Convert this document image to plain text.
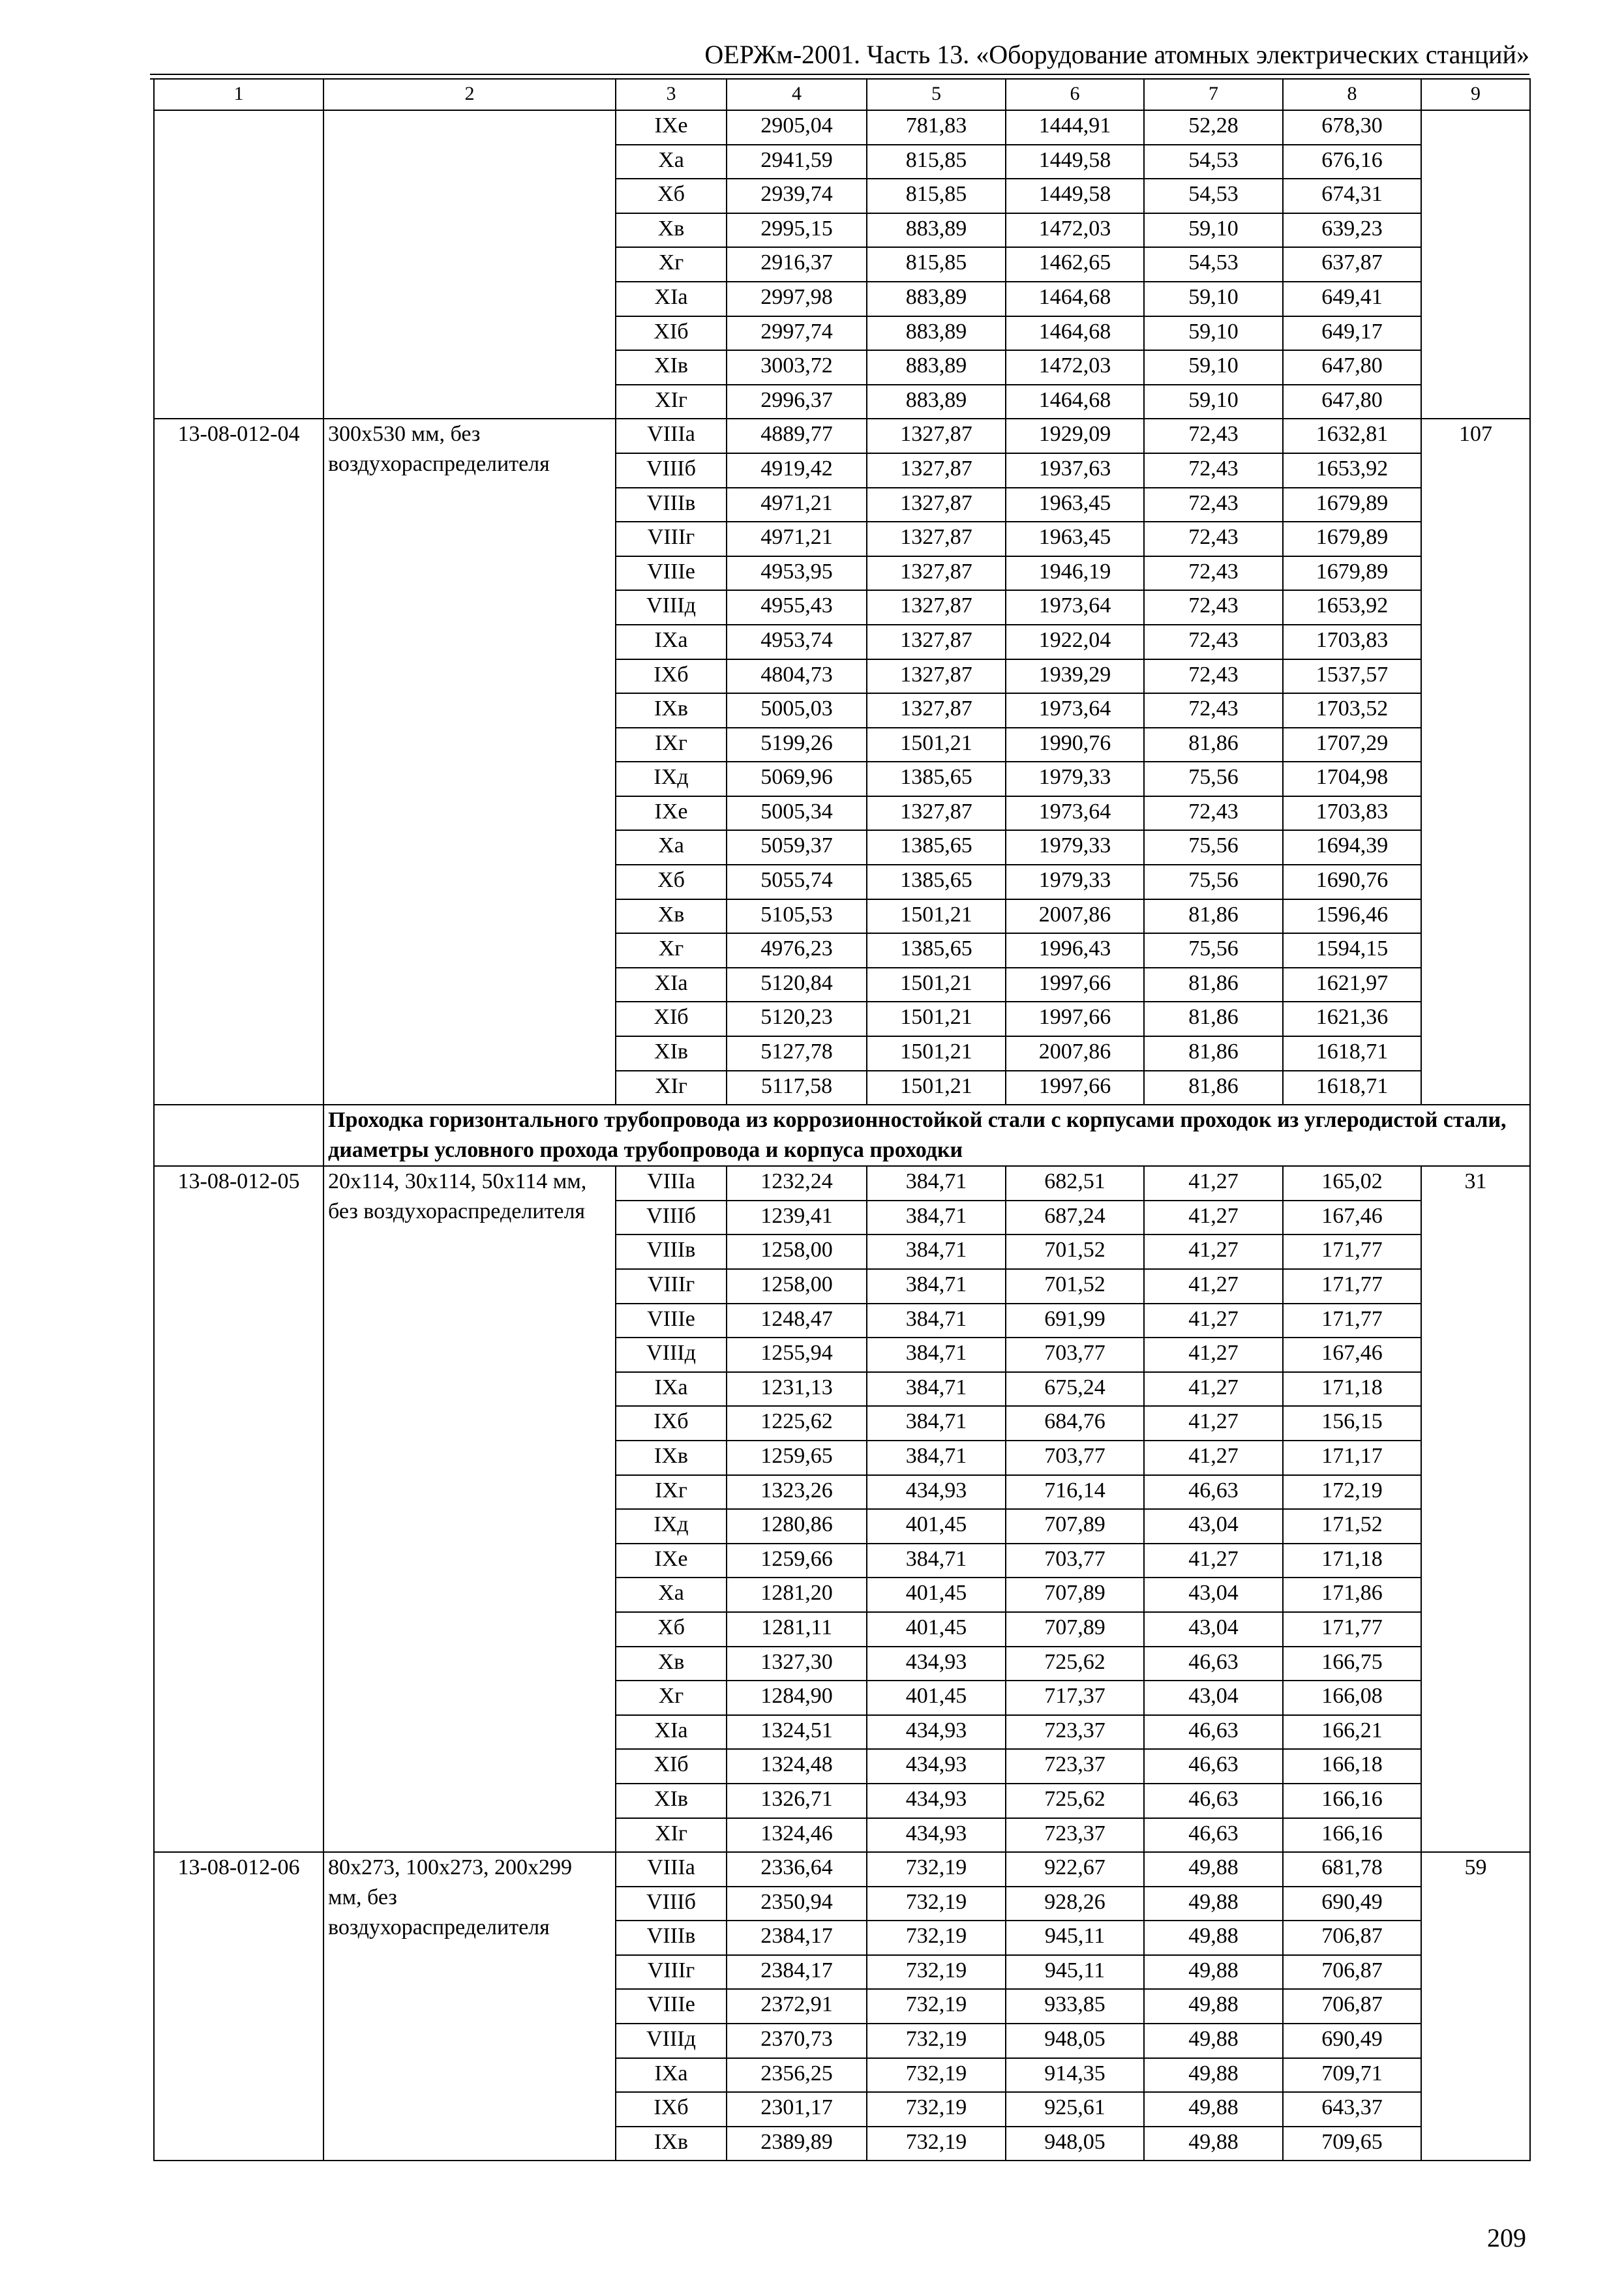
ОЕРЖм-2001. Часть 13. «Оборудование атомных электрических станций»
1	2	3	4	5	6	7	8	9
		IXе	2905,04	781,83	1444,91	52,28	678,30	
		Xа	2941,59	815,85	1449,58	54,53	676,16	
		Xб	2939,74	815,85	1449,58	54,53	674,31	
		Xв	2995,15	883,89	1472,03	59,10	639,23	
		Xг	2916,37	815,85	1462,65	54,53	637,87	
		XIа	2997,98	883,89	1464,68	59,10	649,41	
		XIб	2997,74	883,89	1464,68	59,10	649,17	
		XIв	3003,72	883,89	1472,03	59,10	647,80	
		XIг	2996,37	883,89	1464,68	59,10	647,80	
13-08-012-04	300x530 мм, без воздухораспределителя	VIIIа	4889,77	1327,87	1929,09	72,43	1632,81	107
		VIIIб	4919,42	1327,87	1937,63	72,43	1653,92	
		VIIIв	4971,21	1327,87	1963,45	72,43	1679,89	
		VIIIг	4971,21	1327,87	1963,45	72,43	1679,89	
		VIIIе	4953,95	1327,87	1946,19	72,43	1679,89	
		VIIIд	4955,43	1327,87	1973,64	72,43	1653,92	
		IXа	4953,74	1327,87	1922,04	72,43	1703,83	
		IXб	4804,73	1327,87	1939,29	72,43	1537,57	
		IXв	5005,03	1327,87	1973,64	72,43	1703,52	
		IXг	5199,26	1501,21	1990,76	81,86	1707,29	
		IXд	5069,96	1385,65	1979,33	75,56	1704,98	
		IXе	5005,34	1327,87	1973,64	72,43	1703,83	
		Xа	5059,37	1385,65	1979,33	75,56	1694,39	
		Xб	5055,74	1385,65	1979,33	75,56	1690,76	
		Xв	5105,53	1501,21	2007,86	81,86	1596,46	
		Xг	4976,23	1385,65	1996,43	75,56	1594,15	
		XIа	5120,84	1501,21	1997,66	81,86	1621,97	
		XIб	5120,23	1501,21	1997,66	81,86	1621,36	
		XIв	5127,78	1501,21	2007,86	81,86	1618,71	
		XIг	5117,58	1501,21	1997,66	81,86	1618,71	
	Проходка горизонтального трубопровода из коррозионностойкой стали с корпусами проходок из углеродистой стали, диаметры условного прохода трубопровода и корпуса проходки							
13-08-012-05	20x114, 30x114, 50x114 мм, без воздухораспределителя	VIIIа	1232,24	384,71	682,51	41,27	165,02	31
		VIIIб	1239,41	384,71	687,24	41,27	167,46	
		VIIIв	1258,00	384,71	701,52	41,27	171,77	
		VIIIг	1258,00	384,71	701,52	41,27	171,77	
		VIIIе	1248,47	384,71	691,99	41,27	171,77	
		VIIIд	1255,94	384,71	703,77	41,27	167,46	
		IXа	1231,13	384,71	675,24	41,27	171,18	
		IXб	1225,62	384,71	684,76	41,27	156,15	
		IXв	1259,65	384,71	703,77	41,27	171,17	
		IXг	1323,26	434,93	716,14	46,63	172,19	
		IXд	1280,86	401,45	707,89	43,04	171,52	
		IXе	1259,66	384,71	703,77	41,27	171,18	
		Xа	1281,20	401,45	707,89	43,04	171,86	
		Xб	1281,11	401,45	707,89	43,04	171,77	
		Xв	1327,30	434,93	725,62	46,63	166,75	
		Xг	1284,90	401,45	717,37	43,04	166,08	
		XIа	1324,51	434,93	723,37	46,63	166,21	
		XIб	1324,48	434,93	723,37	46,63	166,18	
		XIв	1326,71	434,93	725,62	46,63	166,16	
		XIг	1324,46	434,93	723,37	46,63	166,16	
13-08-012-06	80x273, 100x273, 200x299 мм, без воздухораспределителя	VIIIа	2336,64	732,19	922,67	49,88	681,78	59
		VIIIб	2350,94	732,19	928,26	49,88	690,49	
		VIIIв	2384,17	732,19	945,11	49,88	706,87	
		VIIIг	2384,17	732,19	945,11	49,88	706,87	
		VIIIе	2372,91	732,19	933,85	49,88	706,87	
		VIIIд	2370,73	732,19	948,05	49,88	690,49	
		IXа	2356,25	732,19	914,35	49,88	709,71	
		IXб	2301,17	732,19	925,61	49,88	643,37	
		IXв	2389,89	732,19	948,05	49,88	709,65	
209
